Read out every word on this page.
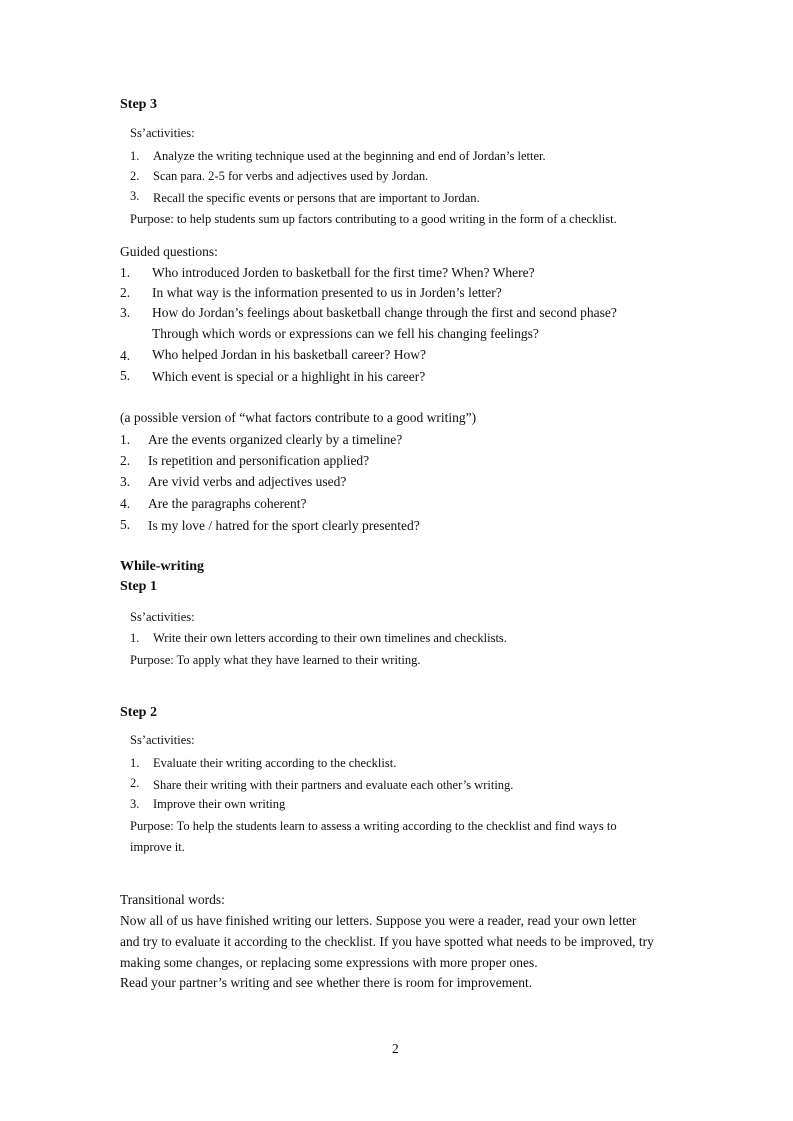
Step 3
Ss’activities:
1. Analyze the writing technique used at the beginning and end of Jordan’s letter.
2. Scan para. 2-5 for verbs and adjectives used by Jordan.
3. Recall the specific events or persons that are important to Jordan.
Purpose: to help students sum up factors contributing to a good writing in the form of a checklist.
Guided questions:
1. Who introduced Jorden to basketball for the first time? When? Where?
2. In what way is the information presented to us in Jorden’s letter?
3. How do Jordan’s feelings about basketball change through the first and second phase?
Through which words or expressions can we fell his changing feelings?
4. Who helped Jordan in his basketball career? How?
5. Which event is special or a highlight in his career?
(a possible version of “what factors contribute to a good writing”)
1. Are the events organized clearly by a timeline?
2. Is repetition and personification applied?
3. Are vivid verbs and adjectives used?
4. Are the paragraphs coherent?
5. Is my love / hatred for the sport clearly presented?
While-writing
Step 1
Ss’activities:
1. Write their own letters according to their own timelines and checklists.
Purpose: To apply what they have learned to their writing.
Step 2
Ss’activities:
1. Evaluate their writing according to the checklist.
2. Share their writing with their partners and evaluate each other’s writing.
3. Improve their own writing
Purpose: To help the students learn to assess a writing according to the checklist and find ways to
improve it.
Transitional words:
Now all of us have finished writing our letters. Suppose you were a reader, read your own letter
and try to evaluate it according to the checklist. If you have spotted what needs to be improved, try
making some changes, or replacing some expressions with more proper ones.
Read your partner’s writing and see whether there is room for improvement.
2
